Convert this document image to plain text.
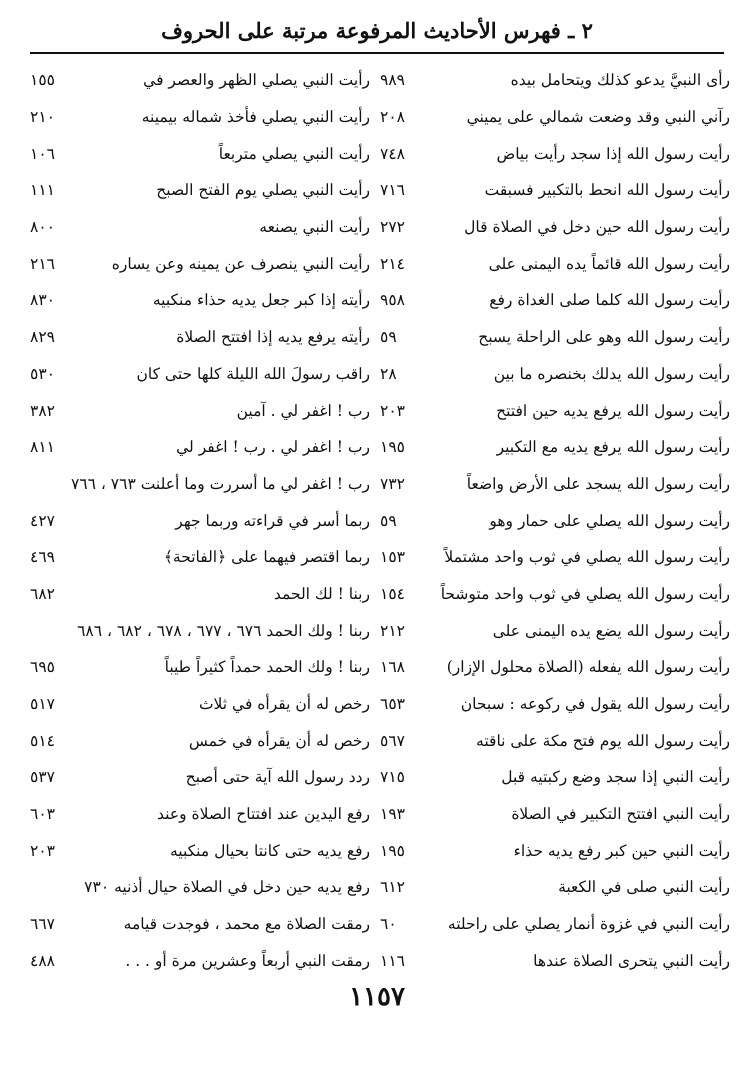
٢ ـ فهرس الأحاديث المرفوعة مرتبة على الحروف
رأى النبيَّ يدعو كذلك ويتحامل بيده
٩٨٩
رآني النبي وقد وضعت شمالي على يميني
٢٠٨
رأيت رسول الله إذا سجد رأيت بياض
٧٤٨
رأيت رسول الله انحط بالتكبير فسبقت
٧١٦
رأيت رسول الله حين دخل في الصلاة قال
٢٧٢
رأيت رسول الله قائماً يده اليمنى على
٢١٤
رأيت رسول الله كلما صلى الغداة رفع
٩٥٨
رأيت رسول الله وهو على الراحلة يسبح
٥٩
رأيت رسول الله يدلك بخنصره ما بين
٢٨
رأيت رسول الله يرفع يديه حين افتتح
٢٠٣
رأيت رسول الله يرفع يديه مع التكبير
١٩٥
رأيت رسول الله يسجد على الأرض واضعاً
٧٣٢
رأيت رسول الله يصلي على حمار وهو
٥٩
رأيت رسول الله يصلي في ثوب واحد مشتملاً
١٥٣
رأيت رسول الله يصلي في ثوب واحد متوشحاً
١٥٤
رأيت رسول الله يضع يده اليمنى على
٢١٢
رأيت رسول الله يفعله (الصلاة محلول الإزار)
١٦٨
رأيت رسول الله يقول في ركوعه : سبحان
٦٥٣
رأيت رسول الله يوم فتح مكة على ناقته
٥٦٧
رأيت النبي إذا سجد وضع ركبتيه قبل
٧١٥
رأيت النبي افتتح التكبير في الصلاة
١٩٣
رأيت النبي حين كبر رفع يديه حذاء
١٩٥
رأيت النبي صلى في الكعبة
٦١٢
رأيت النبي في غزوة أنمار يصلي على راحلته
٦٠
رأيت النبي يتحرى الصلاة عندها
١١٦
رأيت النبي يصلي الظهر والعصر في
١٥٥
رأيت النبي يصلي فأخذ شماله بيمينه
٢١٠
رأيت النبي يصلي متربعاً
١٠٦
رأيت النبي يصلي يوم الفتح الصبح
١١١
رأيت النبي يصنعه
٨٠٠
رأيت النبي ينصرف عن يمينه وعن يساره
٢١٦
رأيته إذا كبر جعل يديه حذاء منكبيه
٨٣٠
رأيته يرفع يديه إذا افتتح الصلاة
٨٢٩
راقب رسولَ الله الليلة كلها حتى كان
٥٣٠
رب ! اغفر لي . آمين
٣٨٢
رب ! اغفر لي . رب ! اغفر لي
٨١١
رب ! اغفر لي ما أسررت وما أعلنت ٧٦٣ ، ٧٦٦
ربما أسر في قراءته وربما جهر
٤٢٧
ربما اقتصر فيهما على ﴿الفاتحة﴾
٤٦٩
ربنا ! لك الحمد
٦٨٢
ربنا ! ولك الحمد ٦٧٦ ، ٦٧٧ ، ٦٧٨ ، ٦٨٢ ، ٦٨٦
ربنا ! ولك الحمد حمداً كثيراً طيباً
٦٩٥
رخص له أن يقرأه في ثلاث
٥١٧
رخص له أن يقرأه في خمس
٥١٤
ردد رسول الله آية حتى أصبح
٥٣٧
رفع اليدين عند افتتاح الصلاة وعند
٦٠٣
رفع يديه حتى كانتا بحيال منكبيه
٢٠٣
رفع يديه حين دخل في الصلاة حيال أذنيه ٧٣٠
رمقت الصلاة مع محمد ، فوجدت قيامه
٦٦٧
رمقت النبي أربعاً وعشرين مرة أو . . .
٤٨٨
١١٥٧
